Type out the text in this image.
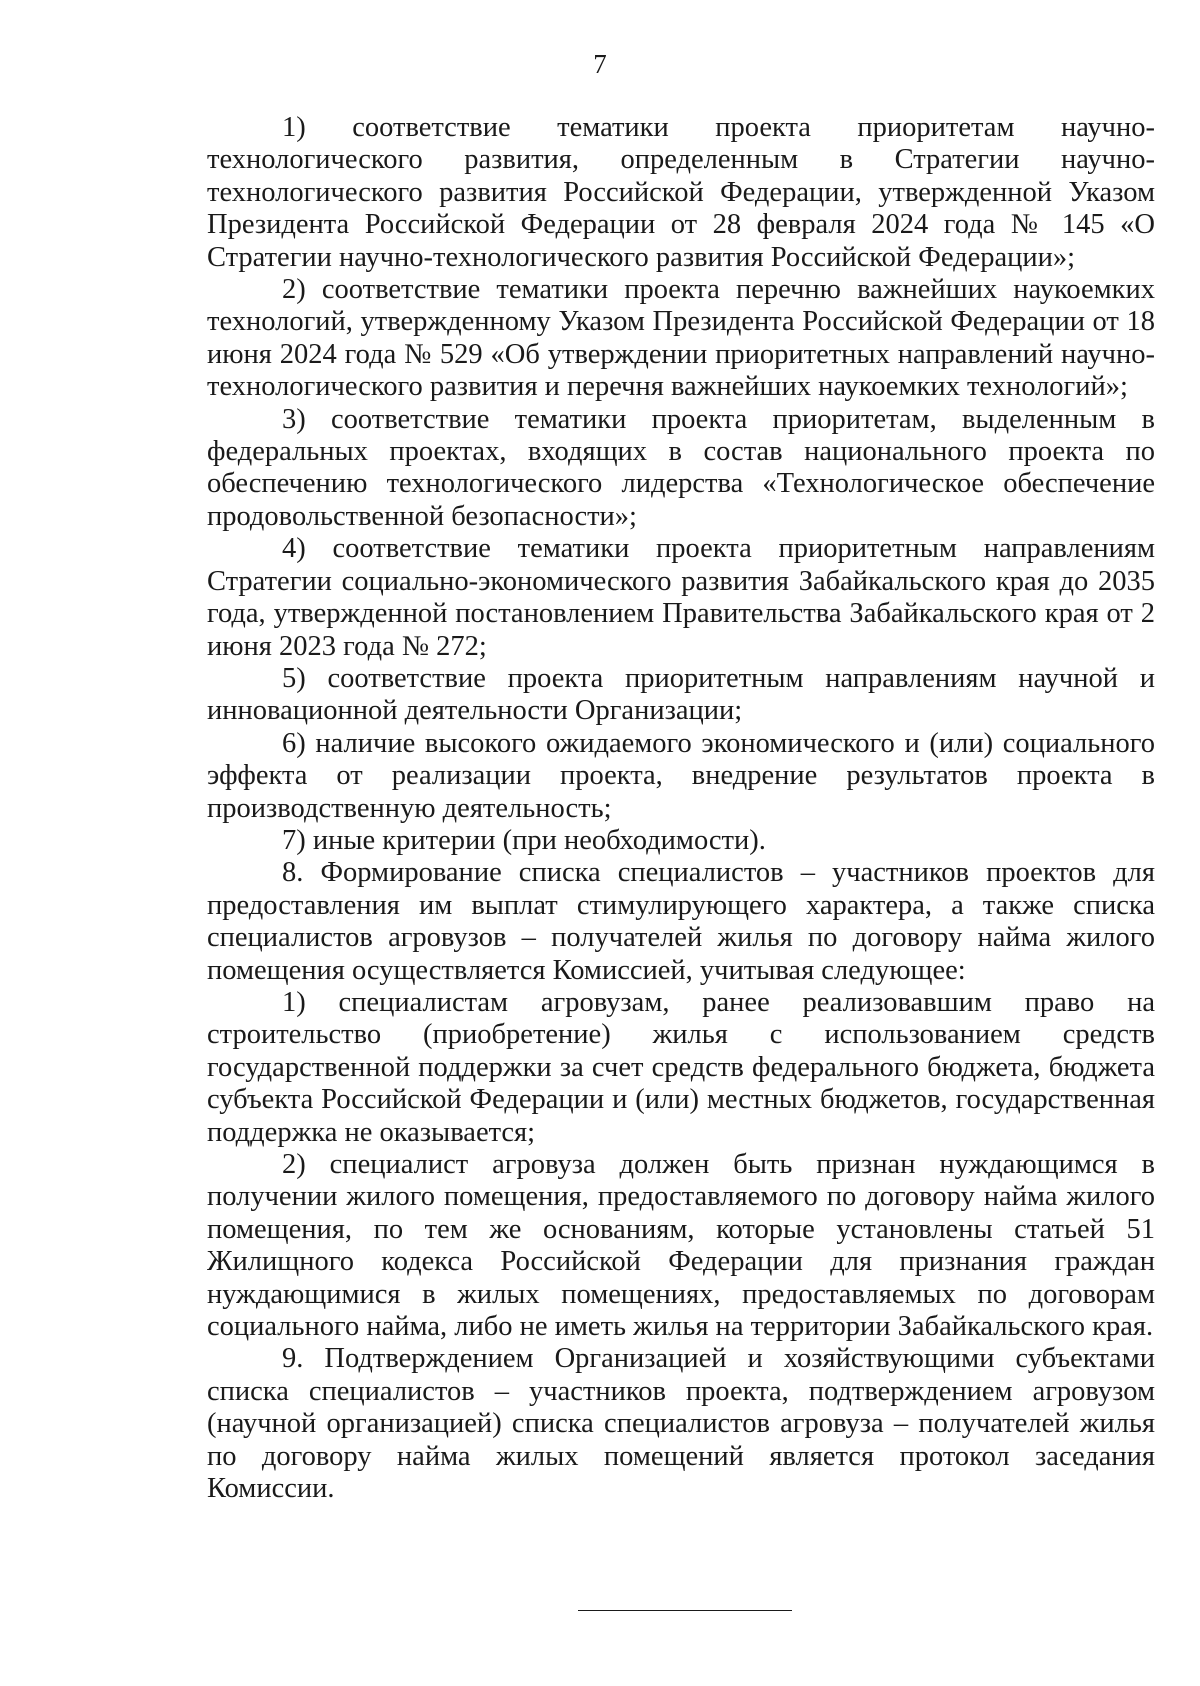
7

1) соответствие тематики проекта приоритетам научно-технологического развития, определенным в Стратегии научно-технологического развития Российской Федерации, утвержденной Указом Президента Российской Федерации от 28 февраля 2024 года № 145 «О Стратегии научно-технологического развития Российской Федерации»;

2) соответствие тематики проекта перечню важнейших наукоемких технологий, утвержденному Указом Президента Российской Федерации от 18 июня 2024 года № 529 «Об утверждении приоритетных направлений научно-технологического развития и перечня важнейших наукоемких технологий»;

3) соответствие тематики проекта приоритетам, выделенным в федеральных проектах, входящих в состав национального проекта по обеспечению технологического лидерства «Технологическое обеспечение продовольственной безопасности»;

4) соответствие тематики проекта приоритетным направлениям Стратегии социально-экономического развития Забайкальского края до 2035 года, утвержденной постановлением Правительства Забайкальского края от 2 июня 2023 года № 272;

5) соответствие проекта приоритетным направлениям научной и инновационной деятельности Организации;

6) наличие высокого ожидаемого экономического и (или) социального эффекта от реализации проекта, внедрение результатов проекта в производственную деятельность;

7) иные критерии (при необходимости).

8. Формирование списка специалистов – участников проектов для предоставления им выплат стимулирующего характера, а также списка специалистов агровузов – получателей жилья по договору найма жилого помещения осуществляется Комиссией, учитывая следующее:

1) специалистам агровузам, ранее реализовавшим право на строительство (приобретение) жилья с использованием средств государственной поддержки за счет средств федерального бюджета, бюджета субъекта Российской Федерации и (или) местных бюджетов, государственная поддержка не оказывается;

2) специалист агровуза должен быть признан нуждающимся в получении жилого помещения, предоставляемого по договору найма жилого помещения, по тем же основаниям, которые установлены статьей 51 Жилищного кодекса Российской Федерации для признания граждан нуждающимися в жилых помещениях, предоставляемых по договорам социального найма, либо не иметь жилья на территории Забайкальского края.

9. Подтверждением Организацией и хозяйствующими субъектами списка специалистов – участников проекта, подтверждением агровузом (научной организацией) списка специалистов агровуза – получателей жилья по договору найма жилых помещений является протокол заседания Комиссии.
